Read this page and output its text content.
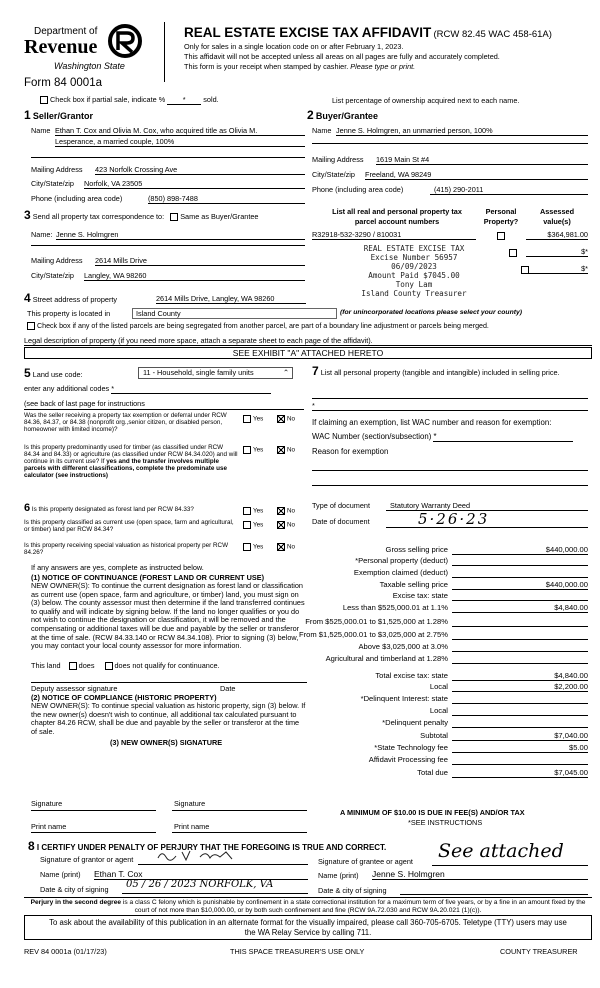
Department of
Revenue
Washington State
Form 84 0001a
REAL ESTATE EXCISE TAX AFFIDAVIT (RCW 82.45 WAC 458-61A)
Only for sales in a single location code on or after February 1, 2023.
This affidavit will not be accepted unless all areas on all pages are fully and accurately completed.
This form is your receipt when stamped by cashier. Please type or print.
Check box if partial sale, indicate % * sold.	List percentage of ownership acquired next to each name.
1 Seller/Grantor
Name Ethan T. Cox and Olivia M. Cox, who acquired title as Olivia M.
Lesperance, a married couple, 100%
Mailing Address 423 Norfolk Crossing Ave
City/State/zip Norfolk, VA 23505
Phone (including area code)	(850) 898-7488
2 Buyer/Grantee
Name Jenne S. Holmgren, an unmarried person, 100%
Mailing Address 1619 Main St #4
City/State/zip Freeland, WA 98249
Phone (including area code)	(415) 290-2011
3 Send all property tax correspondence to: Same as Buyer/Grantee
Name: Jenne S. Holmgren
Mailing Address 2614 Mills Drive
City/State/zip Langley, WA 98260
List all real and personal property tax
parcel account numbers
Personal
Property?
Assessed
value(s)
R32918-532-3290 / 810031
	$364,981.00

$*
$*
REAL ESTATE EXCISE TAX
Excise Number 56957
06/09/2023
Amount Paid $7045.00
Tony Lam
Island County Treasurer
4 Street address of property	2614 Mills Drive, Langley, WA 98260
This property is located in	Island County	(for unincorporated locations please select your county)
Check box if any of the listed parcels are being segregated from another parcel, are part of a boundary line adjustment or parcels being merged.
Legal description of property (if you need more space, attach a separate sheet to each page of the affidavit).
SEE EXHIBIT "A" ATTACHED HERETO
5 Land use code:	11 - Household, single family units	⌃
enter any additional codes *
(see back of last page for instructions
Was the seller receiving a property tax exemption or deferral under RCW 84.36, 84.37, or 84.38 (nonprofit org.,senior citizen, or disabled person, homeowner with limited income)?
Yes	No
Is this property predominantly used for timber (as classified under RCW 84.34 and 84.33) or agriculture (as classified under RCW 84.34.020) and will continue in its current use? If yes and the transfer involves multiple parcels with different classifications, complete the predominate use calculator (see instructions)
Yes	No
6 Is this property designated as forest land per RCW 84.33?	Yes	No
Is this property classified as current use (open space, farm and agricultural, or timber) land per RCW 84.34?
Yes	No
Is this property receiving special valuation as historical property per RCW 84.26?
Yes	No
If any answers are yes, complete as instructed below.
(1) NOTICE OF CONTINUANCE (FOREST LAND OR CURRENT USE)
NEW OWNER(S): To continue the current designation as forest land or classification as current use (open space, farm and agriculture, or timber) land, you must sign on (3) below. The county assessor must then determine if the land transferred continues to qualify and will indicate by signing below. If the land no longer qualifies or you do not wish to continue the designation or classification, it will be removed and the compensating or additional taxes will be due and payable by the seller or transferor at the time of sale. (RCW 84.33.140 or RCW 84.34.108). Prior to signing (3) below, you may contact your local county assessor for more information.
This land does	does not qualify for continuance.
Deputy assessor signature	Date
(2) NOTICE OF COMPLIANCE (HISTORIC PROPERTY)
NEW OWNER(S): To continue special valuation as historic property, sign (3) below. If the new owner(s) doesn't wish to continue, all additional tax calculated pursuant to chapter 84.26 RCW, shall be due and payable by the seller or transferor at the time of sale.
(3) NEW OWNER(S) SIGNATURE
Signature	Signature
Print name	Print name
7 List all personal property (tangible and intangible) included in selling price.
*
If claiming an exemption, list WAC number and reason for exemption:
WAC Number (section/subsection) *
Reason for exemption
Type of document	Statutory Warranty Deed
Date of document	5·26·23
Gross selling price	$440,000.00
*Personal property (deduct)
Exemption claimed (deduct)
Taxable selling price	$440,000.00
Excise tax: state
Less than $525,000.01 at 1.1%	$4,840.00
From $525,000.01 to $1,525,000 at 1.28%
From $1,525,000.01 to $3,025,000 at 2.75%
Above $3,025,000 at 3.0%
Agricultural and timberland at 1.28%
Total excise tax: state	$4,840.00
Local	$2,200.00
*Delinquent Interest: state
Local
*Delinquent penalty
Subtotal	$7,040.00
*State Technology fee	$5.00
Affidavit Processing fee
Total due	$7,045.00
A MINIMUM OF $10.00 IS DUE IN FEE(S) AND/OR TAX
*SEE INSTRUCTIONS
8 I CERTIFY UNDER PENALTY OF PERJURY THAT THE FOREGOING IS TRUE AND CORRECT.
Signature of grantor or agent	Signature of grantee or agent	See attached
Name (print) Ethan T. Cox	Name (print) Jenne S. Holmgren
Date & city of signing	05 / 26 / 2023 NORFOLK, VA
Date & city of signing
Perjury in the second degree is a class C felony which is punishable by confinement in a state correctional institution for a maximum term of five years, or by a fine in an amount fixed by the court of not more than $10,000.00, or by both such confinement and fine (RCW 9A.72.030 and RCW 9A.20.021 (1)(c)).
To ask about the availability of this publication in an alternate format for the visually impaired, please call 360-705-6705. Teletype (TTY) users may use the WA Relay Service by calling 711.
REV 84 0001a (01/17/23)	THIS SPACE TREASURER'S USE ONLY	COUNTY TREASURER
